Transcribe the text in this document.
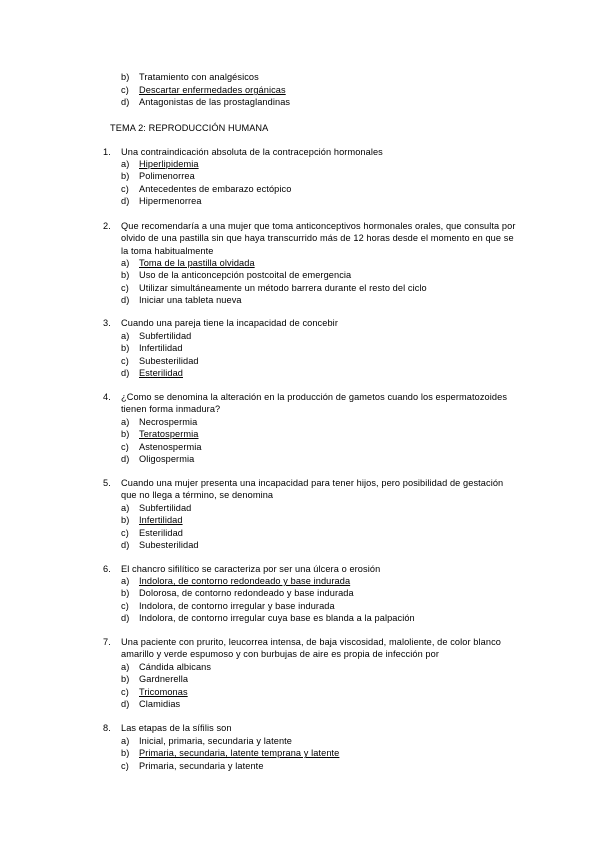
b)	Tratamiento con analgésicos
c)	Descartar enfermedades orgánicas
d)	Antagonistas de las prostaglandinas
TEMA 2: REPRODUCCIÓN HUMANA
1. Una contraindicación absoluta de la contracepción hormonales
a)	Hiperlipidemia
b)	Polimenorrea
c)	Antecedentes de embarazo ectópico
d)	Hipermenorrea
2. Que recomendaría a una mujer que toma anticonceptivos hormonales orales, que consulta por
olvido de una pastilla sin que haya transcurrido más de 12 horas desde el momento en que se
la toma habitualmente
a)	Toma de la pastilla olvidada
b)	Uso de la anticoncepción postcoital de emergencia
c)	Utilizar simultáneamente un método barrera durante el resto del ciclo
d)	Iniciar una tableta nueva
3. Cuando una pareja tiene la incapacidad de concebir
a)	Subfertilidad
b)	Infertilidad
c)	Subesterilidad
d)	Esterilidad
4. ¿Como se denomina la alteración en la producción de gametos cuando los espermatozoides
tienen forma inmadura?
a)	Necrospermia
b)	Teratospermia
c)	Astenospermia
d)	Oligospermia
5. Cuando una mujer presenta una incapacidad para tener hijos, pero posibilidad de gestación
que no llega a término, se denomina
a)	Subfertilidad
b)	Infertilidad
c)	Esterilidad
d)	Subesterilidad
6. El chancro sifilítico se caracteriza por ser una úlcera o erosión
a)	Indolora, de contorno redondeado y base indurada
b)	Dolorosa, de contorno redondeado y base indurada
c)	Indolora, de contorno irregular y base indurada
d)	Indolora, de contorno irregular cuya base es blanda a la palpación
7. Una paciente con prurito, leucorrea intensa, de baja viscosidad, maloliente, de color blanco
amarillo y verde espumoso y con burbujas de aire es propia de infección por
a)	Cándida albicans
b)	Gardnerella
c)	Tricomonas
d)	Clamidias
8. Las etapas de la sífilis son
a)	Inicial, primaria, secundaria y latente
b)	Primaria, secundaria, latente temprana y latente
c)	Primaria, secundaria y latente
